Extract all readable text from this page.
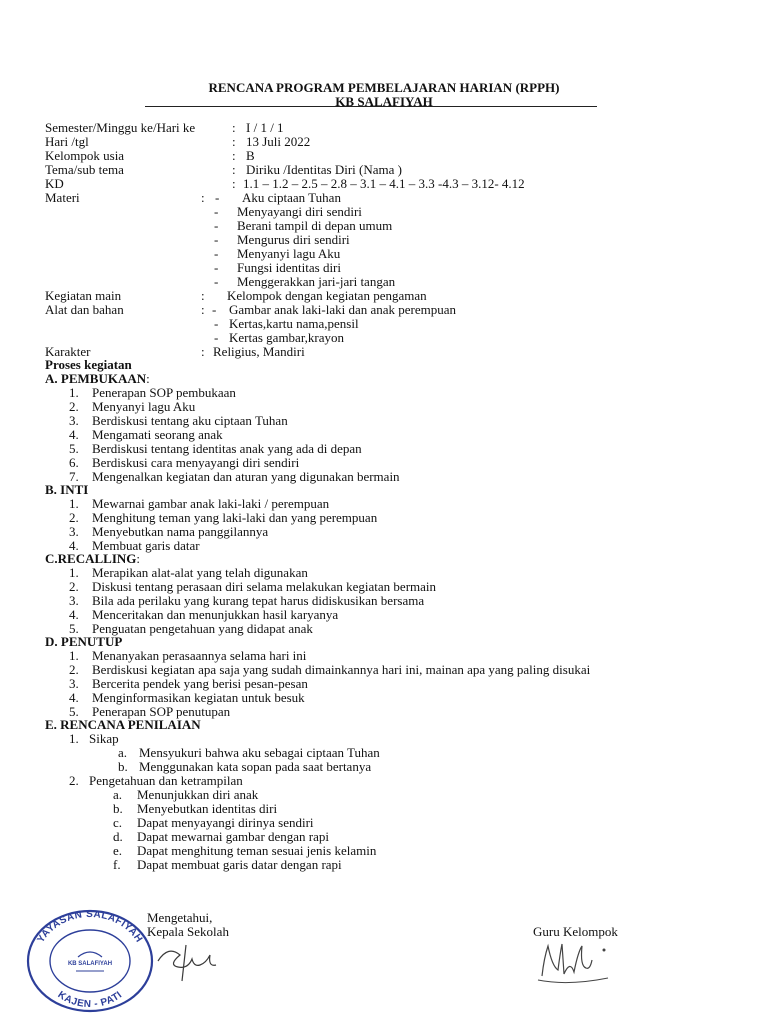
RENCANA PROGRAM PEMBELAJARAN HARIAN (RPPH)
KB SALAFIYAH
Semester/Minggu ke/Hari ke	: I / 1 / 1
Hari /tgl	: 13 Juli 2022
Kelompok usia	: B
Tema/sub tema	: Diriku /Identitas Diri (Nama )
KD	: 1.1 – 1.2 – 2.5 – 2.8 – 3.1 – 4.1 – 3.3 -4.3 – 3.12- 4.12
Materi	: - Aku ciptaan Tuhan
- Menyayangi diri sendiri
- Berani tampil di depan umum
- Mengurus diri sendiri
- Menyanyi lagu Aku
- Fungsi identitas diri
- Menggerakkan jari-jari tangan
Kegiatan main	: Kelompok dengan kegiatan pengaman
Alat dan bahan	: - Gambar anak laki-laki dan anak perempuan
- Kertas,kartu nama,pensil
- Kertas gambar,krayon
Karakter	: Religius, Mandiri
Proses kegiatan
A. PEMBUKAAN:
1. Penerapan SOP pembukaan
2. Menyanyi lagu Aku
3. Berdiskusi tentang aku ciptaan Tuhan
4. Mengamati seorang anak
5. Berdiskusi tentang identitas anak yang ada di depan
6. Berdiskusi cara menyayangi diri sendiri
7. Mengenalkan kegiatan dan aturan yang digunakan bermain
B. INTI
1. Mewarnai gambar anak laki-laki / perempuan
2. Menghitung teman yang laki-laki dan yang perempuan
3. Menyebutkan nama panggilannya
4. Membuat garis datar
C.RECALLING:
1. Merapikan alat-alat yang telah digunakan
2. Diskusi tentang perasaan diri selama melakukan kegiatan bermain
3. Bila ada perilaku yang kurang tepat harus didiskusikan bersama
4. Menceritakan dan menunjukkan hasil karyanya
5. Penguatan pengetahuan yang didapat anak
D. PENUTUP
1. Menanyakan perasaannya selama hari ini
2. Berdiskusi kegiatan apa saja yang sudah dimainkannya hari ini, mainan apa yang paling disukai
3. Bercerita pendek yang berisi pesan-pesan
4. Menginformasikan kegiatan untuk besuk
5. Penerapan SOP penutupan
E. RENCANA PENILAIAN
1. Sikap
a. Mensyukuri bahwa aku sebagai ciptaan Tuhan
b. Menggunakan kata sopan pada saat bertanya
2. Pengetahuan dan ketrampilan
a. Menunjukkan diri anak
b. Menyebutkan identitas diri
c. Dapat menyayangi dirinya sendiri
d. Dapat mewarnai gambar dengan rapi
e. Dapat menghitung teman sesuai jenis kelamin
f. Dapat membuat garis datar dengan rapi
YAYASAN SALAFIYAH
KAJEN - PATI
KB SALAFIYAH
Mengetahui,
Kepala Sekolah	Guru Kelompok
